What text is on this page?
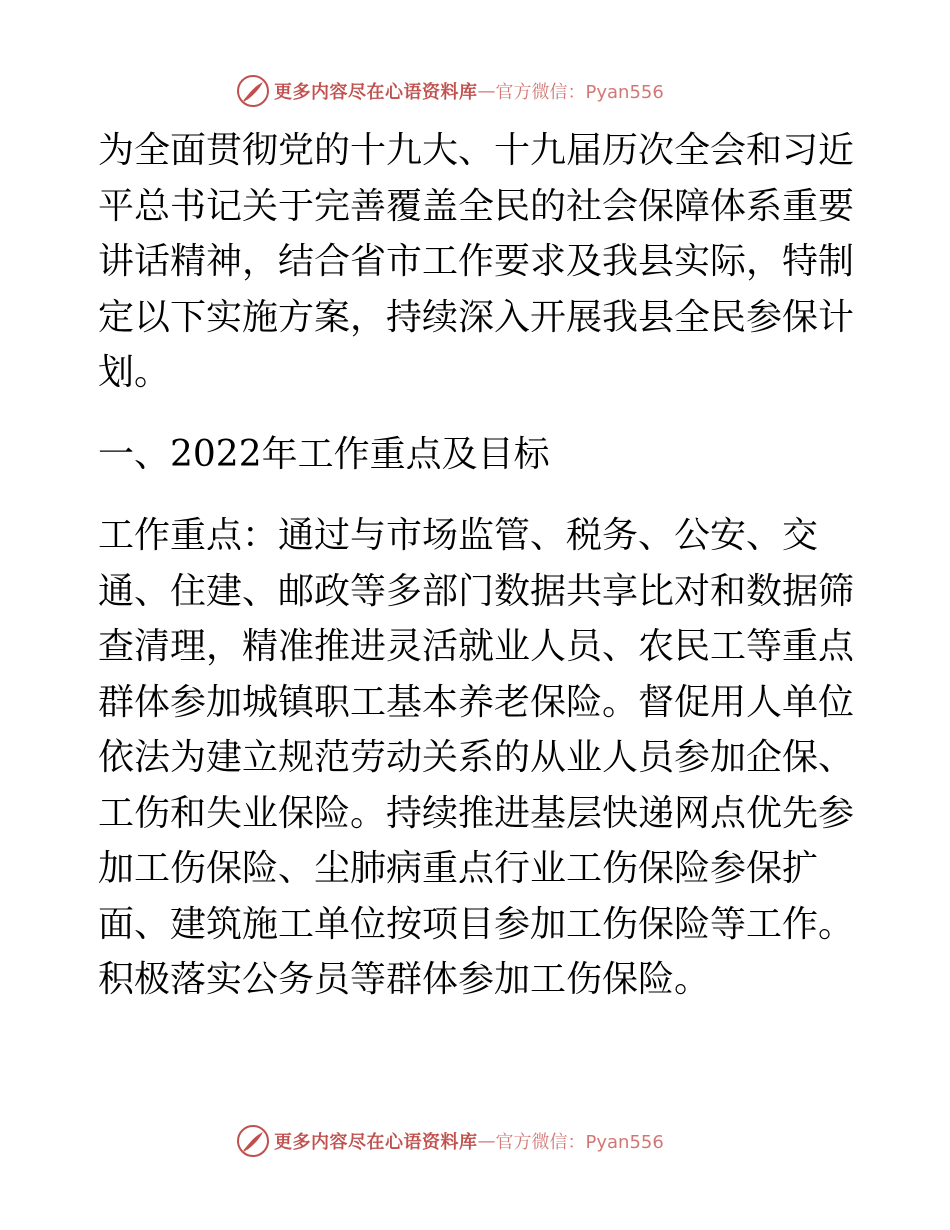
更多内容尽在心语资料库 — 官方微信：Pyan556

为全面贯彻党的十九大、十九届历次全会和习近平总书记关于完善覆盖全民的社会保障体系重要讲话精神，结合省市工作要求及我县实际，特制定以下实施方案，持续深入开展我县全民参保计划。

一、2022年工作重点及目标

工作重点：通过与市场监管、税务、公安、交通、住建、邮政等多部门数据共享比对和数据筛查清理，精准推进灵活就业人员、农民工等重点群体参加城镇职工基本养老保险。督促用人单位依法为建立规范劳动关系的从业人员参加企保、工伤和失业保险。持续推进基层快递网点优先参加工伤保险、尘肺病重点行业工伤保险参保扩面、建筑施工单位按项目参加工伤保险等工作。积极落实公务员等群体参加工伤保险。

更多内容尽在心语资料库 — 官方微信：Pyan556
